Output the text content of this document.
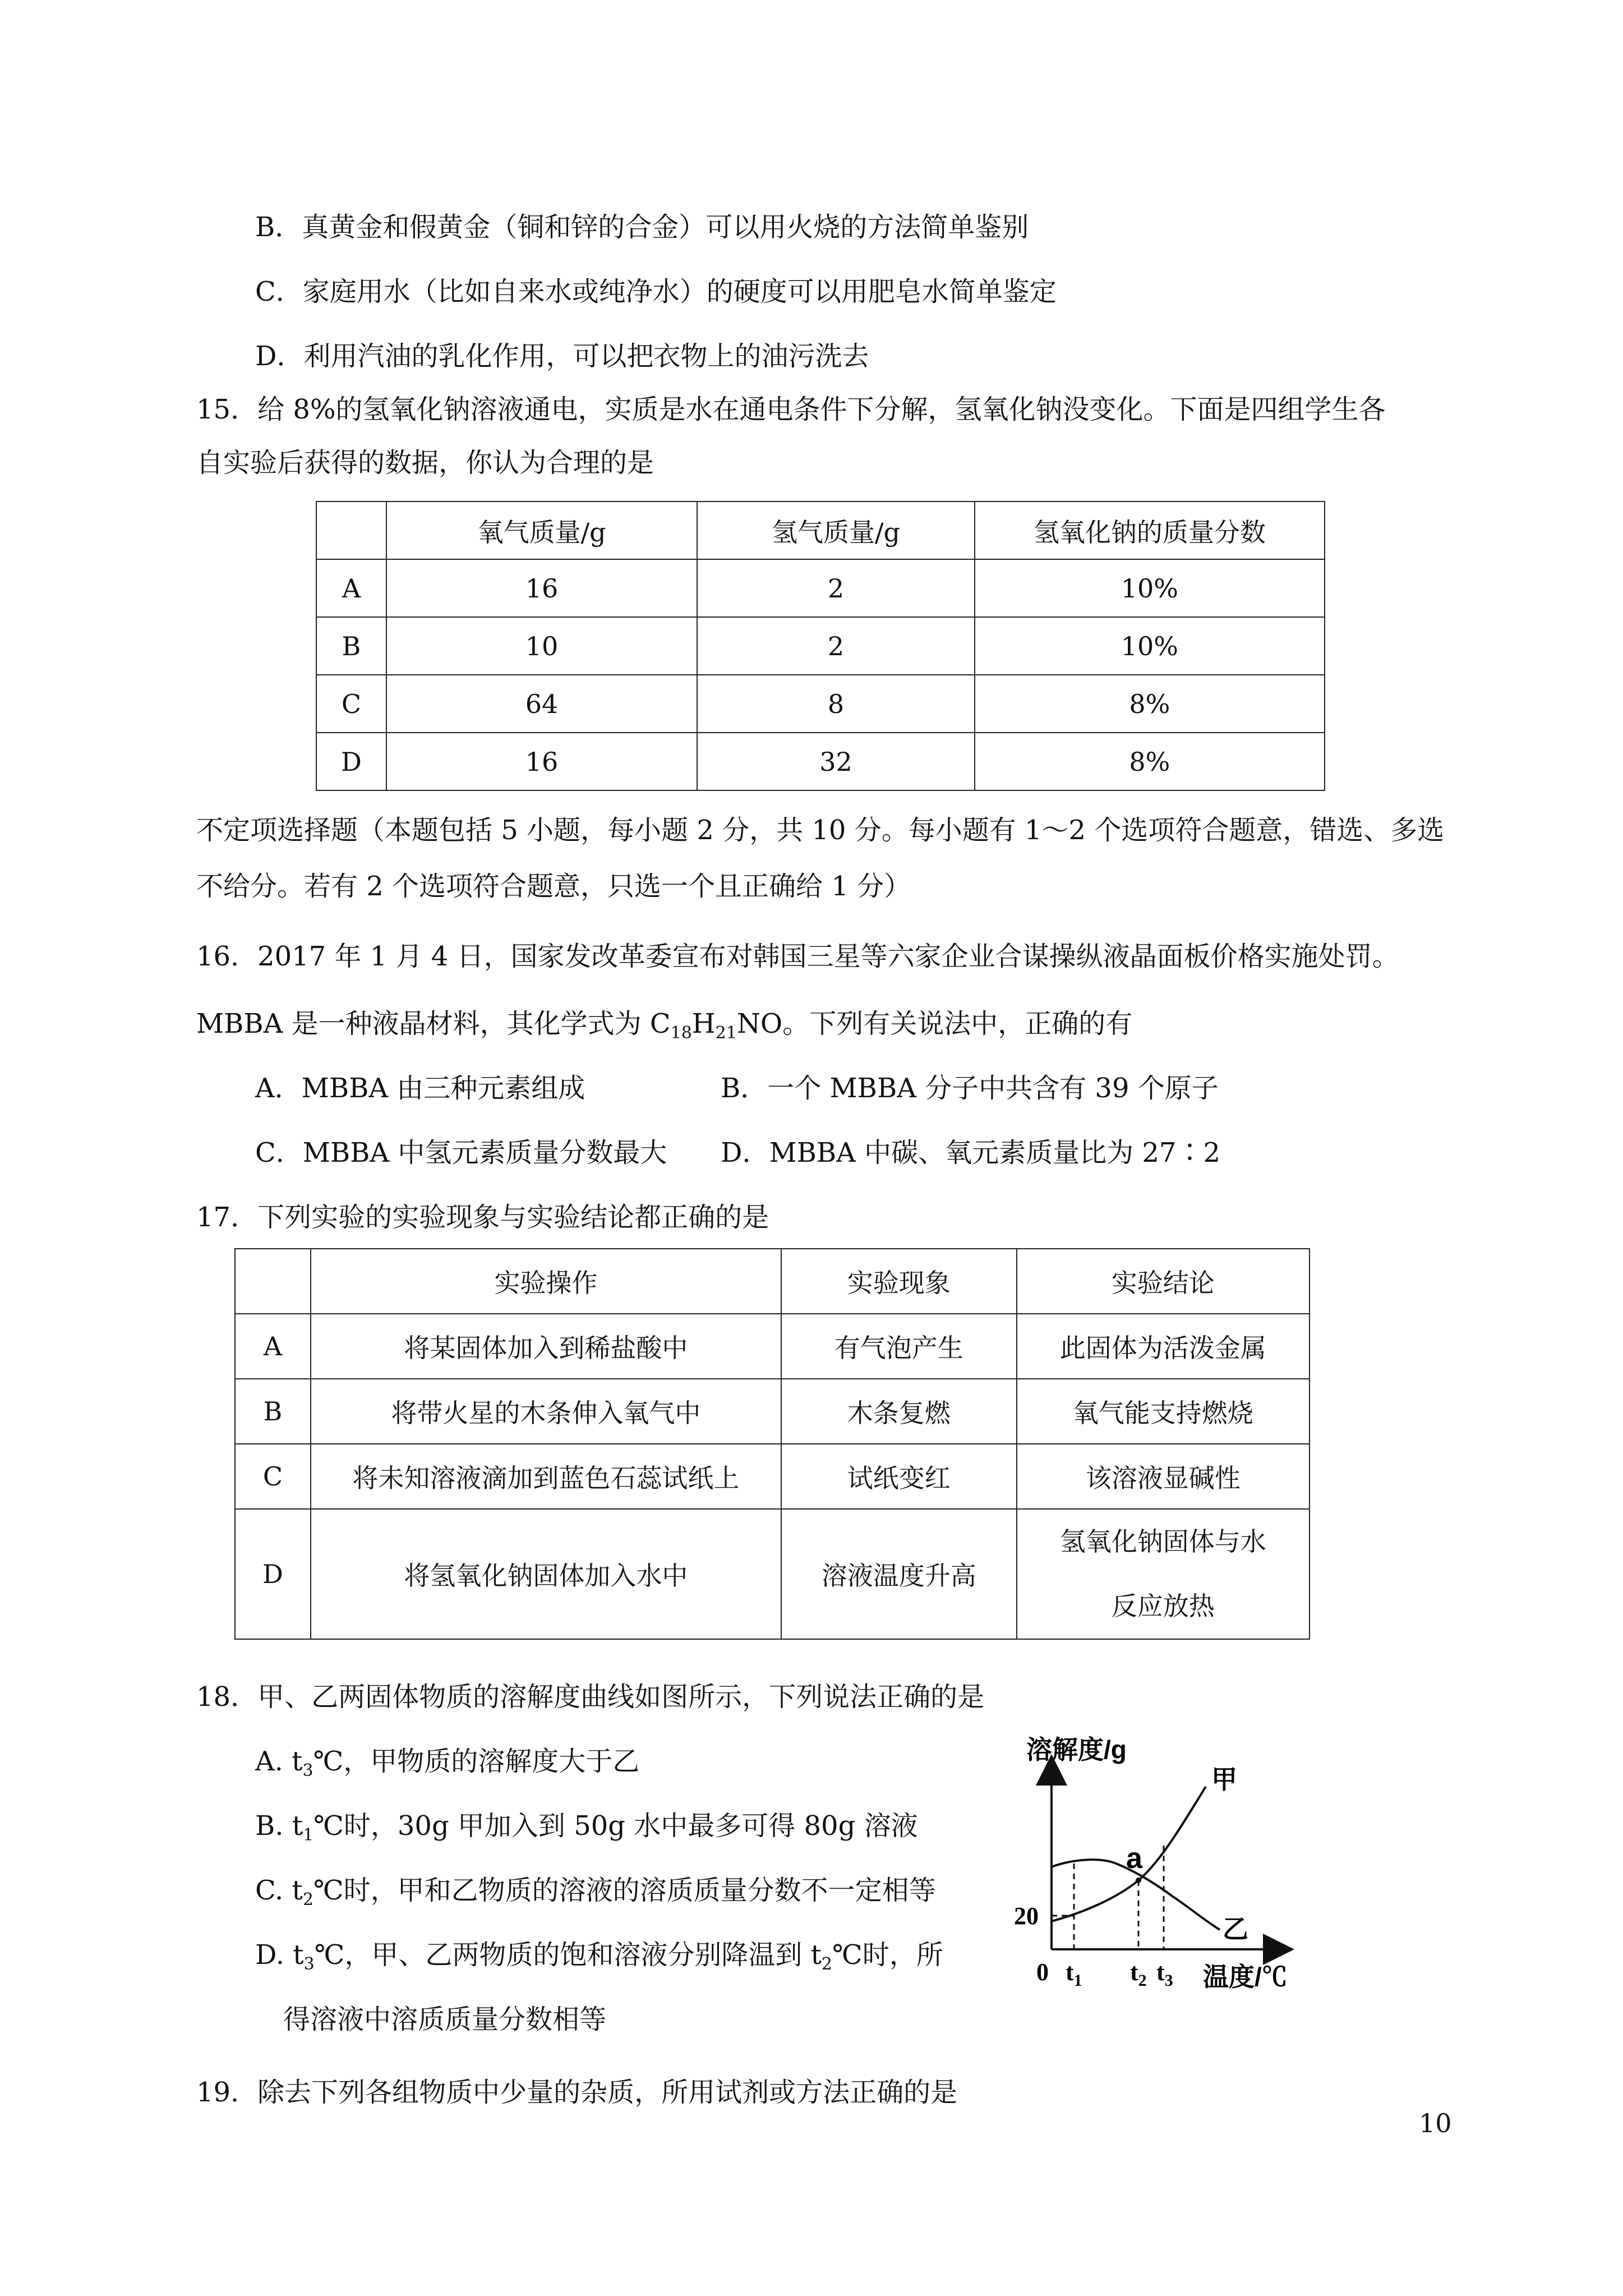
B．真黄金和假黄金（铜和锌的合金）可以用火烧的方法简单鉴别
C．家庭用水（比如自来水或纯净水）的硬度可以用肥皂水简单鉴定
D．利用汽油的乳化作用，可以把衣物上的油污洗去
15．给 8%的氢氧化钠溶液通电，实质是水在通电条件下分解，氢氧化钠没变化。下面是四组学生各
自实验后获得的数据，你认为合理的是
	氧气质量/g	氢气质量/g	氢氧化钠的质量分数
A	16	2	10%
B	10	2	10%
C	64	8	8%
D	16	32	8%
不定项选择题（本题包括 5 小题，每小题 2 分，共 10 分。每小题有 1～2 个选项符合题意，错选、多选
不给分。若有 2 个选项符合题意，只选一个且正确给 1 分）
16．2017 年 1 月 4 日，国家发改革委宣布对韩国三星等六家企业合谋操纵液晶面板价格实施处罚。
MBBA 是一种液晶材料，其化学式为 $C_{18}H_{21}NO$。下列有关说法中，正确的有
A．MBBA 由三种元素组成	B．一个 MBBA 分子中共含有 39 个原子
C．MBBA 中氢元素质量分数最大 D．MBBA 中碳、氧元素质量比为 27∶2
17．下列实验的实验现象与实验结论都正确的是
	实验操作	实验现象	实验结论
A	将某固体加入到稀盐酸中	有气泡产生	此固体为活泼金属
B	将带火星的木条伸入氧气中	木条复燃	氧气能支持燃烧
C	将未知溶液滴加到蓝色石蕊试纸上	试纸变红	该溶液显碱性
D	将氢氧化钠固体加入水中	溶液温度升高	氢氧化钠固体与水
反应放热
18．甲、乙两固体物质的溶解度曲线如图所示，下列说法正确的是
A. $t_3℃$，甲物质的溶解度大于乙
B. $t_1℃$时，30g 甲加入到 50g 水中最多可得 80g 溶液
C. $t_2℃$时，甲和乙物质的溶液的溶质质量分数不一定相等
D. $t_3℃$，甲、乙两物质的饱和溶液分别降温到 $t_2℃$时，所
得溶液中溶质质量分数相等
溶解度/g
温度/℃
0
20
a
甲
乙
$t_1$ $t_2$ $t_3$
19．除去下列各组物质中少量的杂质，所用试剂或方法正确的是
10
